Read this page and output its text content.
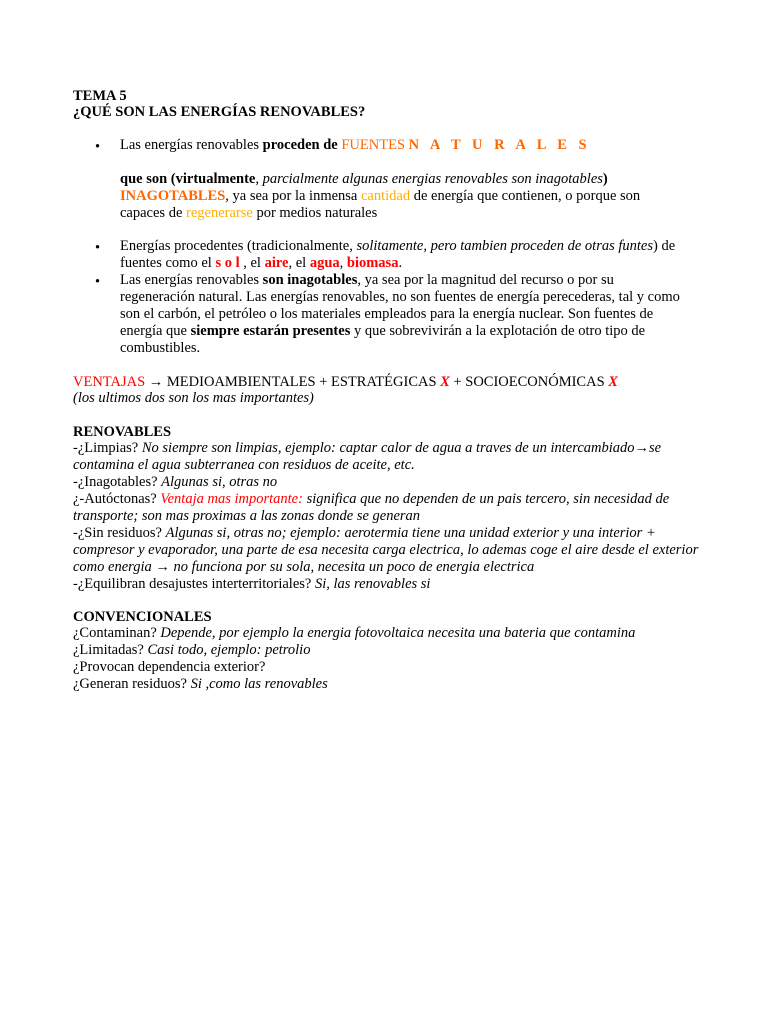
TEMA 5

¿QUÉ SON LAS ENERGÍAS RENOVABLES?

• Las energías renovables proceden de FUENTES N A T U R A L E S

que son (virtualmente, parcialmente algunas energias renovables son inagotables)
INAGOTABLES, ya sea por la inmensa cantidad de energía que contienen, o porque son capaces de regenerarse por medios naturales

• Energías procedentes (tradicionalmente, solitamente, pero tambien proceden de otras funtes) de fuentes como el s o l , el aire, el agua, biomasa.

• Las energías renovables son inagotables, ya sea por la magnitud del recurso o por su regeneración natural. Las energías renovables, no son fuentes de energía perecederas, tal y como son el carbón, el petróleo o los materiales empleados para la energía nuclear. Son fuentes de energía que siempre estarán presentes y que sobrevivirán a la explotación de otro tipo de combustibles.

VENTAJAS → MEDIOAMBIENTALES + ESTRATÉGICAS X + SOCIOECONÓMICAS X

(los ultimos dos son los mas importantes)

RENOVABLES

-¿Limpias? No siempre son limpias, ejemplo: captar calor de agua a traves de un intercambiado→se contamina el agua subterranea con residuos de aceite, etc.
-¿Inagotables? Algunas si, otras no
¿-Autóctonas? Ventaja mas importante: significa que no dependen de un pais tercero, sin necesidad de transporte; son mas proximas a las zonas donde se generan
-¿Sin residuos? Algunas si, otras no; ejemplo: aerotermia tiene una unidad exterior y una interior + compresor y evaporador, una parte de esa necesita carga electrica, lo ademas coge el aire desde el exterior como energia → no funciona por su sola, necesita un poco de energia electrica
-¿Equilibran desajustes interterritoriales? Si, las renovables si

CONVENCIONALES

¿Contaminan? Depende, por ejemplo la energia fotovoltaica necesita una bateria que contamina
¿Limitadas? Casi todo, ejemplo: petrolio
¿Provocan dependencia exterior?
¿Generan residuos? Si ,como las renovables
